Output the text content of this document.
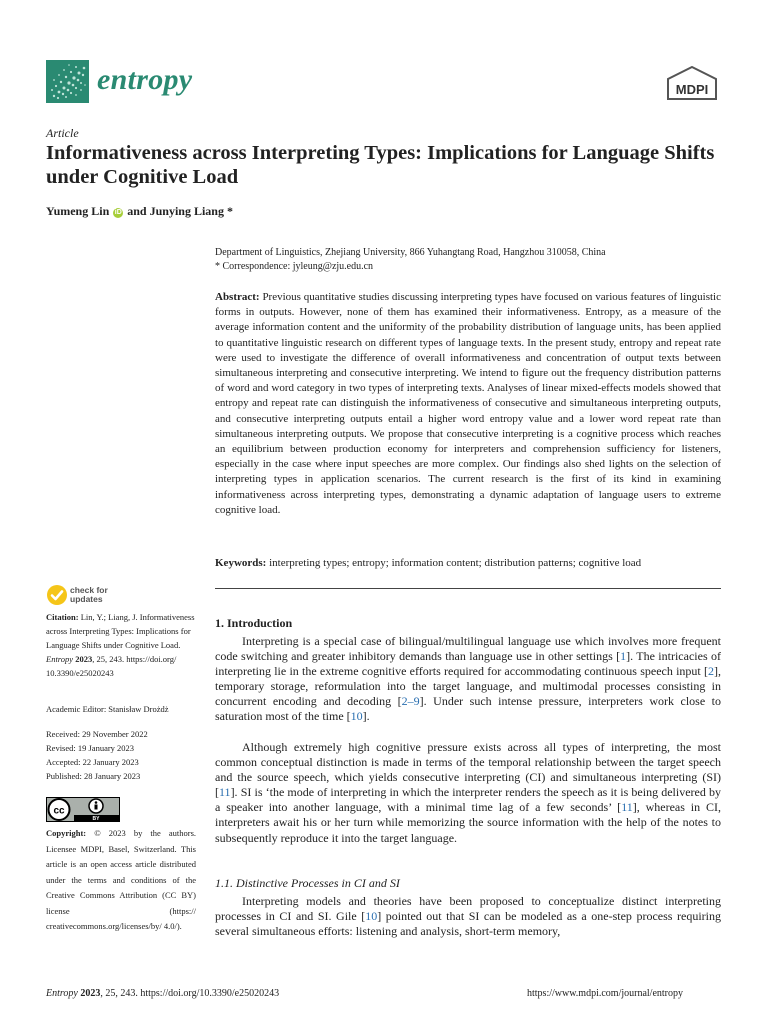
entropy	MDPI
Article
Informativeness across Interpreting Types: Implications for Language Shifts under Cognitive Load
Yumeng Lin iD and Junying Liang *
Department of Linguistics, Zhejiang University, 866 Yuhangtang Road, Hangzhou 310058, China
* Correspondence: jyleung@zju.edu.cn

Abstract: Previous quantitative studies discussing interpreting types have focused on various features of linguistic forms in outputs. However, none of them has examined their informativeness. Entropy, as a measure of the average information content and the uniformity of the probability distribution of language units, has been applied to quantitative linguistic research on different types of language texts. In the present study, entropy and repeat rate were used to investigate the difference of overall informativeness and concentration of output texts between simultaneous interpreting and consecutive interpreting. We intend to figure out the frequency distribution patterns of word and word category in two types of interpreting texts. Analyses of linear mixed-effects models showed that entropy and repeat rate can distinguish the informativeness of consecutive and simultaneous interpreting outputs, and consecutive interpreting outputs entail a higher word entropy value and a lower word repeat rate than simultaneous interpreting outputs. We propose that consecutive interpreting is a cognitive process which reaches an equilibrium between production economy for interpreters and comprehension sufficiency for listeners, especially in the case where input speeches are more complex. Our findings also shed lights on the selection of interpreting types in application scenarios. The current research is the first of its kind in examining informativeness across interpreting types, demonstrating a dynamic adaptation of language users to extreme cognitive load.

Keywords: interpreting types; entropy; information content; distribution patterns; cognitive load

check for
updates
Citation: Lin, Y.; Liang, J. Informativeness across Interpreting Types: Implications for Language Shifts under Cognitive Load. Entropy 2023, 25, 243. https://doi.org/ 10.3390/e25020243
Academic Editor: Stanisław Drożdż
Received: 29 November 2022
Revised: 19 January 2023
Accepted: 22 January 2023
Published: 28 January 2023
cc
BY
Copyright: © 2023 by the authors. Licensee MDPI, Basel, Switzerland. This article is an open access article distributed under the terms and conditions of the Creative Commons Attribution (CC BY) license (https:// creativecommons.org/licenses/by/ 4.0/).
1. Introduction

Interpreting is a special case of bilingual/multilingual language use which involves more frequent code switching and greater inhibitory demands than language use in other settings [1]. The intricacies of interpreting lie in the extreme cognitive efforts required for accommodating continuous speech input [2], temporary storage, reformulation into the target language, and multimodal processes consisting in concurrent encoding and decoding [2–9]. Under such intense pressure, interpreters work close to saturation most of the time [10].

Although extremely high cognitive pressure exists across all types of interpreting, the most common conceptual distinction is made in terms of the temporal relationship between the target speech and the source speech, which yields consecutive interpreting (CI) and simultaneous interpreting (SI) [11]. SI is ‘the mode of interpreting in which the interpreter renders the speech as it is being delivered by a speaker into another language, with a minimal time lag of a few seconds’ [11], whereas in CI, interpreters await his or her turn while memorizing the source information with the help of the notes to subsequently reproduce it into the target language.

1.1. Distinctive Processes in CI and SI

Interpreting models and theories have been proposed to conceptualize distinct interpreting processes in CI and SI. Gile [10] pointed out that SI can be modeled as a one-step process requiring several simultaneous efforts: listening and analysis, short-term memory,

Entropy 2023, 25, 243. https://doi.org/10.3390/e25020243	https://www.mdpi.com/journal/entropy
